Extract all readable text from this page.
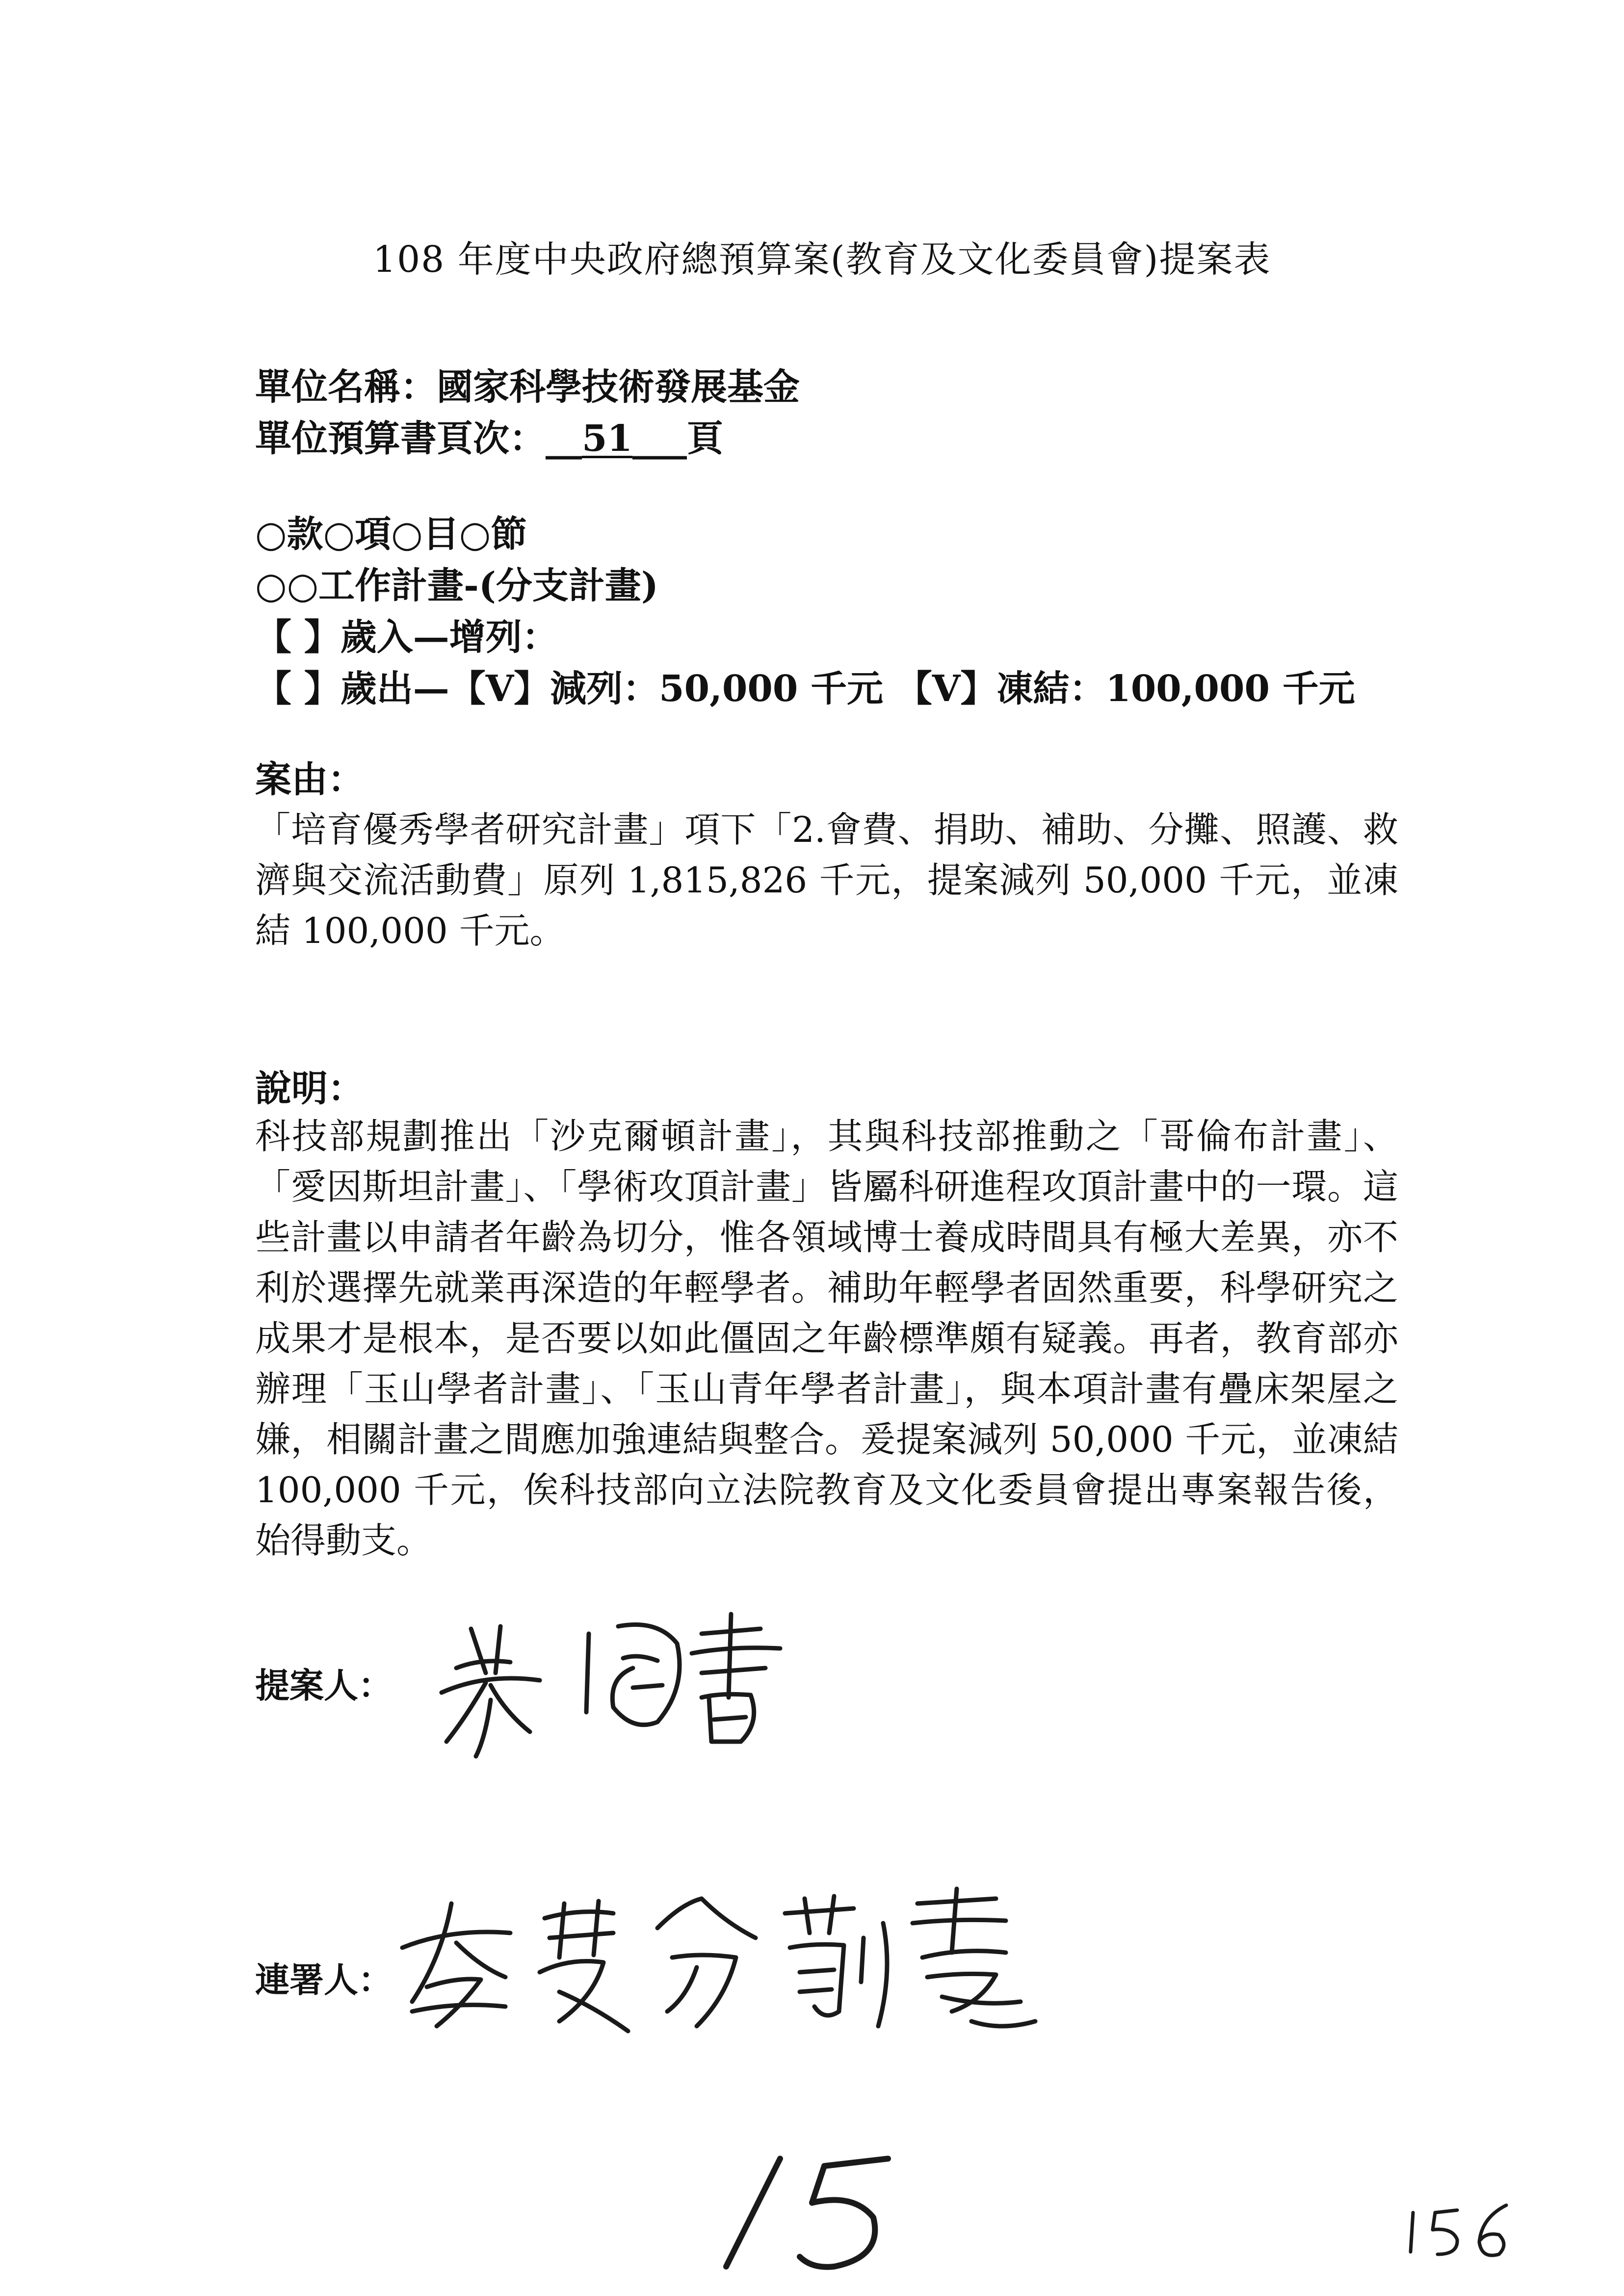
108 年度中央政府總預算案(教育及文化委員會)提案表
單位名稱：國家科學技術發展基金
單位預算書頁次：__51___頁
○款○項○目○節
○○工作計畫-(分支計畫)
【 】歲入—增列：
【 】歲出—【V】減列：50,000 千元 【V】凍結：100,000 千元
案由：
「培育優秀學者研究計畫」項下「2.會費、捐助、補助、分攤、照護、救濟與交流活動費」原列 1,815,826 千元，提案減列 50,000 千元，並凍結 100,000 千元。
說明：
科技部規劃推出「沙克爾頓計畫」，其與科技部推動之「哥倫布計畫」、「愛因斯坦計畫」、「學術攻頂計畫」皆屬科研進程攻頂計畫中的一環。這些計畫以申請者年齡為切分，惟各領域博士養成時間具有極大差異，亦不利於選擇先就業再深造的年輕學者。補助年輕學者固然重要，科學研究之成果才是根本，是否要以如此僵固之年齡標準頗有疑義。再者，教育部亦辦理「玉山學者計畫」、「玉山青年學者計畫」，與本項計畫有疊床架屋之嫌，相關計畫之間應加強連結與整合。爰提案減列 50,000 千元，並凍結 100,000 千元，俟科技部向立法院教育及文化委員會提出專案報告後，始得動支。
提案人：
連署人：
